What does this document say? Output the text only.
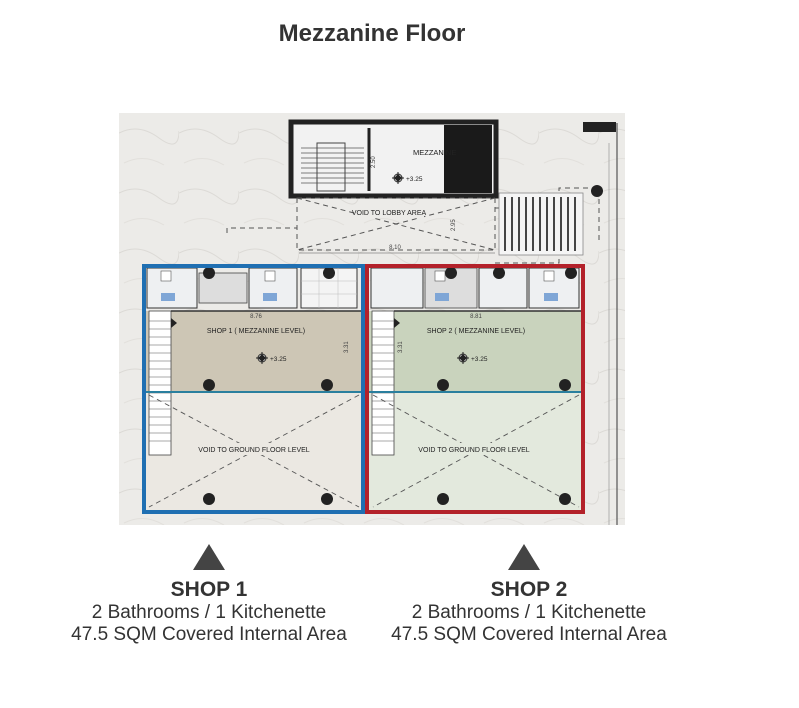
Mezzanine Floor
MEZZANINE
2.50
+3.25
VOID TO LOBBY AREA
8.10
2.95
8.76
SHOP 1 ( MEZZANINE LEVEL)
+3.25
3.31
VOID TO GROUND FLOOR LEVEL
8.81
SHOP 2 ( MEZZANINE LEVEL)
+3.25
3.31
VOID TO GROUND FLOOR LEVEL
SHOP 1
2 Bathrooms / 1 Kitchenette
47.5 SQM Covered Internal Area
SHOP 2
2 Bathrooms / 1 Kitchenette
47.5 SQM Covered Internal Area
